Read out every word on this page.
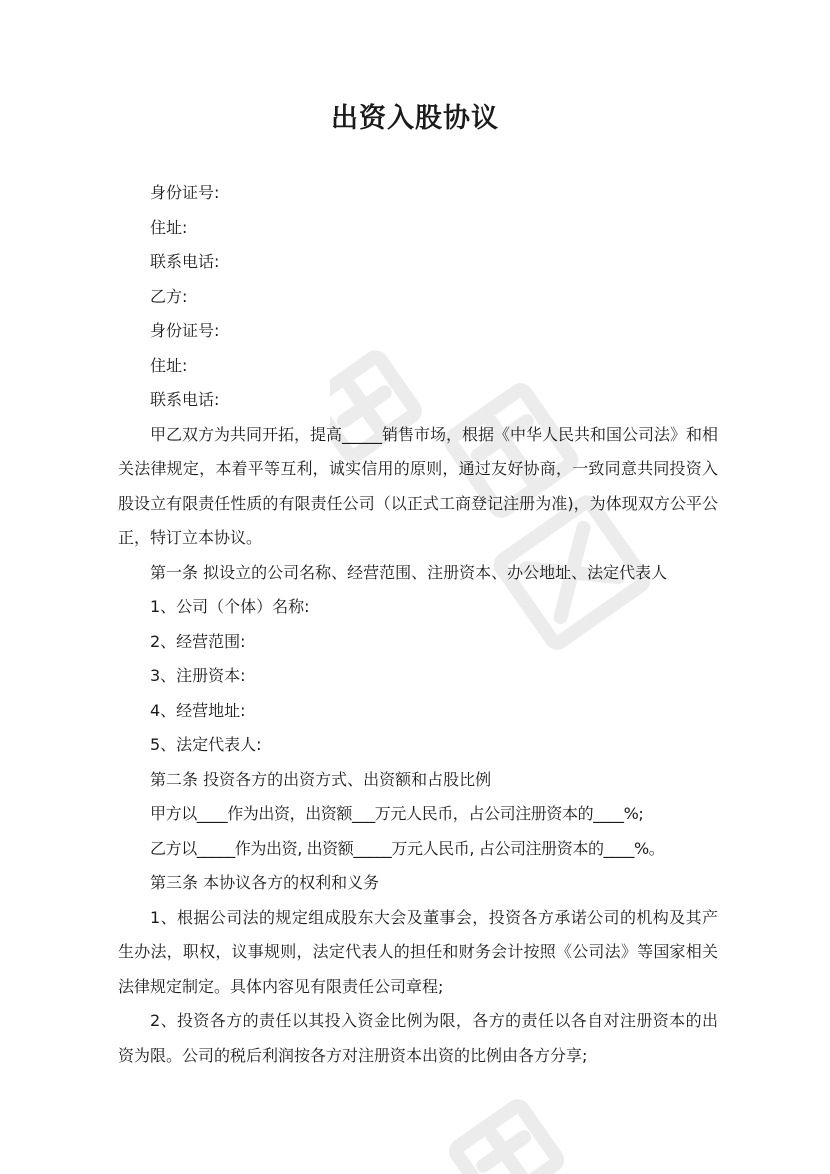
出资入股协议

身份证号:

住址:

联系电话:

乙方:

身份证号:

住址:

联系电话:

甲乙双方为共同开拓，提高_____销售市场，根据《中华人民共和国公司法》和相关法律规定，本着平等互利，诚实信用的原则，通过友好协商，一致同意共同投资入股设立有限责任性质的有限责任公司（以正式工商登记注册为准)，为体现双方公平公正，特订立本协议。

第一条 拟设立的公司名称、经营范围、注册资本、办公地址、法定代表人

1、公司（个体）名称:

2、经营范围:

3、注册资本:

4、经营地址:

5、法定代表人:

第二条 投资各方的出资方式、出资额和占股比例

甲方以____作为出资，出资额___万元人民币，占公司注册资本的____%;

乙方以_____作为出资, 出资额_____万元人民币, 占公司注册资本的____%。

第三条 本协议各方的权利和义务

1、根据公司法的规定组成股东大会及董事会，投资各方承诺公司的机构及其产生办法，职权，议事规则，法定代表人的担任和财务会计按照《公司法》等国家相关法律规定制定。具体内容见有限责任公司章程;

2、投资各方的责任以其投入资金比例为限，各方的责任以各自对注册资本的出资为限。公司的税后利润按各方对注册资本出资的比例由各方分享;
